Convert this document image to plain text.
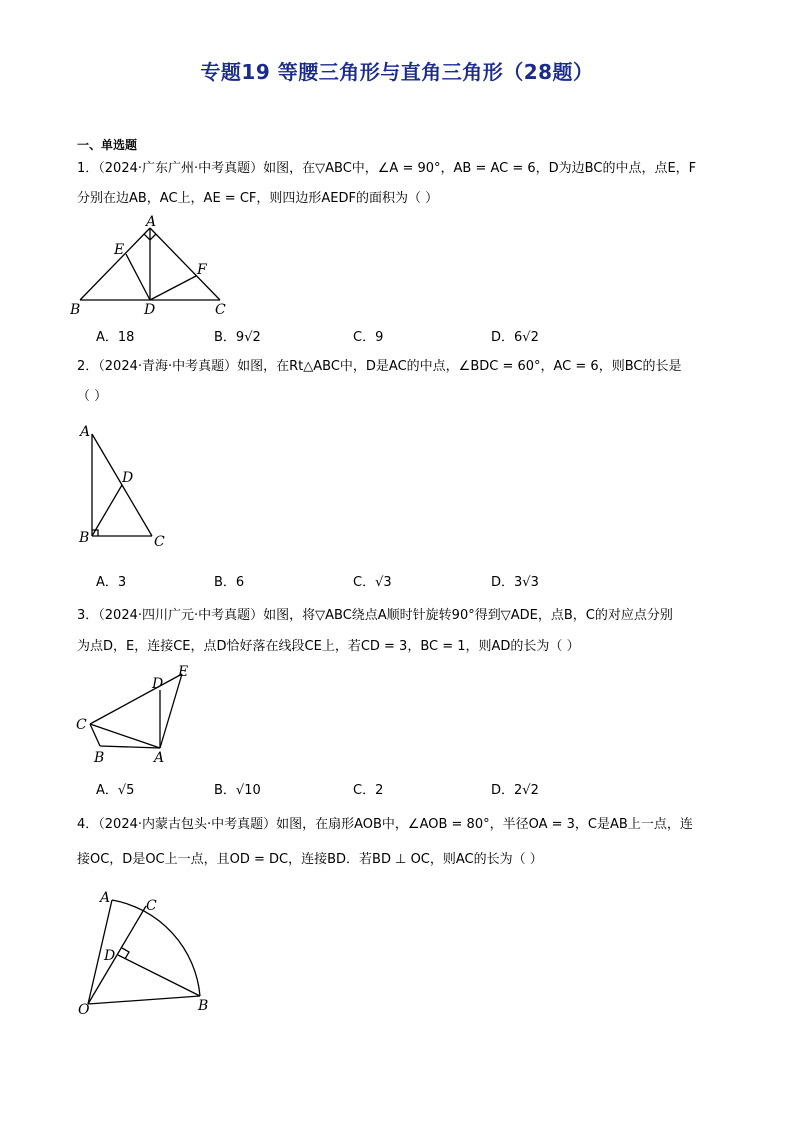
专题19 等腰三角形与直角三角形（28题）
一、单选题
1．（2024·广东广州·中考真题）如图，在▽ABC中，∠A = 90°，AB = AC = 6，D为边BC的中点，点E，F
分别在边AB，AC上，AE = CF，则四边形AEDF的面积为（ ）
A
B	C
D
E
F
A．18	B．9√2	C．9	D．6√2
2．（2024·青海·中考真题）如图，在Rt△ABC中，D是AC的中点，∠BDC = 60°，AC = 6，则BC的长是
（ ）
A
B	C
D
A．3	B．6	C．√3	D．3√3
3．（2024·四川广元·中考真题）如图，将▽ABC绕点A顺时针旋转90°得到▽ADE，点B，C的对应点分别
为点D，E，连接CE，点D恰好落在线段CE上，若CD = 3，BC = 1，则AD的长为（ ）
C
D
E
B	A
A．√5	B．√10	C．2	D．2√2
4．（2024·内蒙古包头·中考真题）如图，在扇形AOB中，∠AOB = 80°，半径OA = 3，C是AB上一点，连
接OC，D是OC上一点，且OD = DC，连接BD．若BD ⊥ OC，则AC的长为（ ）
A	C
D
O	B
